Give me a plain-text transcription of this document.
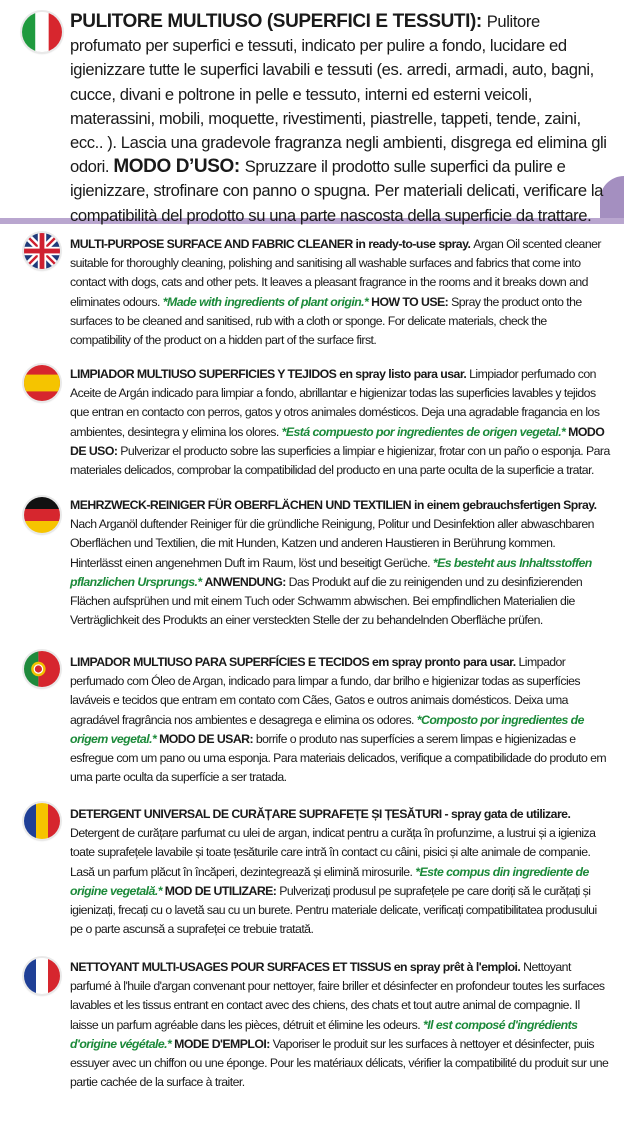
PULITORE MULTIUSO (SUPERFICI E TESSUTI): Pulitore profumato per superfici e tessuti, indicato per pulire a fondo, lucidare ed igienizzare tutte le superfici lavabili e tessuti (es. arredi, armadi, auto, bagni, cucce, divani e poltrone in pelle e tessuto, interni ed esterni veicoli, materassini, mobili, moquette, rivestimenti, piastrelle, tappeti, tende, zaini, ecc.. ). Lascia una gradevole fragranza negli ambienti, disgrega ed elimina gli odori. MODO D’USO: Spruzzare il prodotto sulle superfici da pulire e igienizzare, strofinare con panno o spugna. Per materiali delicati, verificare la compatibilità del prodotto su una parte nascosta della superficie da trattare.
MULTI-PURPOSE SURFACE AND FABRIC CLEANER in ready-to-use spray. Argan Oil scented cleaner suitable for thoroughly cleaning, polishing and sanitising all washable surfaces and fabrics that come into contact with dogs, cats and other pets. It leaves a pleasant fragrance in the rooms and it breaks down and eliminates odours. *Made with ingredients of plant origin.* HOW TO USE: Spray the product onto the surfaces to be cleaned and sanitised, rub with a cloth or sponge. For delicate materials, check the compatibility of the product on a hidden part of the surface first.
LIMPIADOR MULTIUSO SUPERFICIES Y TEJIDOS en spray listo para usar. Limpiador perfumado con Aceite de Argán indicado para limpiar a fondo, abrillantar e higienizar todas las superficies lavables y tejidos que entran en contacto con perros, gatos y otros animales domésticos. Deja una agradable fragancia en los ambientes, desintegra y elimina los olores. *Está compuesto por ingredientes de origen vegetal.* MODO DE USO: Pulverizar el producto sobre las superficies a limpiar e higienizar, frotar con un paño o esponja. Para materiales delicados, comprobar la compatibilidad del producto en una parte oculta de la superficie a tratar.
MEHRZWECK-REINIGER FÜR OBERFLÄCHEN UND TEXTILIEN in einem gebrauchsfertigen Spray. Nach Arganöl duftender Reiniger für die gründliche Reinigung, Politur und Desinfektion aller abwaschbaren Oberflächen und Textilien, die mit Hunden, Katzen und anderen Haustieren in Berührung kommen. Hinterlässt einen angenehmen Duft im Raum, löst und beseitigt Gerüche. *Es besteht aus Inhaltsstoffen pflanzlichen Ursprungs.* ANWENDUNG: Das Produkt auf die zu reinigenden und zu desinfizierenden Flächen aufsprühen und mit einem Tuch oder Schwamm abwischen. Bei empfindlichen Materialien die Verträglichkeit des Produkts an einer versteckten Stelle der zu behandelnden Oberfläche prüfen.
LIMPADOR MULTIUSO PARA SUPERFÍCIES E TECIDOS em spray pronto para usar. Limpador perfumado com Óleo de Argan, indicado para limpar a fundo, dar brilho e higienizar todas as superfícies laváveis e tecidos que entram em contato com Cães, Gatos e outros animais domésticos. Deixa uma agradável fragrância nos ambientes e desagrega e elimina os odores. *Composto por ingredientes de origem vegetal.* MODO DE USAR: borrife o produto nas superfícies a serem limpas e higienizadas e esfregue com um pano ou uma esponja. Para materiais delicados, verifique a compatibilidade do produto em uma parte oculta da superfície a ser tratada.
DETERGENT UNIVERSAL DE CURĂȚARE SUPRAFEȚE ȘI ȚESĂTURI - spray gata de utilizare. Detergent de curățare parfumat cu ulei de argan, indicat pentru a curăța în profunzime, a lustrui și a igieniza toate suprafețele lavabile și toate țesăturile care intră în contact cu câini, pisici și alte animale de companie. Lasă un parfum plăcut în încăperi, dezintegrează și elimină mirosurile. *Este compus din ingrediente de origine vegetală.* MOD DE UTILIZARE: Pulverizați produsul pe suprafețele pe care doriți să le curățați și igienizați, frecați cu o lavetă sau cu un burete. Pentru materiale delicate, verificați compatibilitatea produsului pe o parte ascunsă a suprafeței ce trebuie tratată.
NETTOYANT MULTI-USAGES POUR SURFACES ET TISSUS en spray prêt à l'emploi. Nettoyant parfumé à l'huile d'argan convenant pour nettoyer, faire briller et désinfecter en profondeur toutes les surfaces lavables et les tissus entrant en contact avec des chiens, des chats et tout autre animal de compagnie. Il laisse un parfum agréable dans les pièces, détruit et élimine les odeurs. *Il est composé d'ingrédients d'origine végétale.* MODE D'EMPLOI: Vaporiser le produit sur les surfaces à nettoyer et désinfecter, puis essuyer avec un chiffon ou une éponge. Pour les matériaux délicats, vérifier la compatibilité du produit sur une partie cachée de la surface à traiter.
